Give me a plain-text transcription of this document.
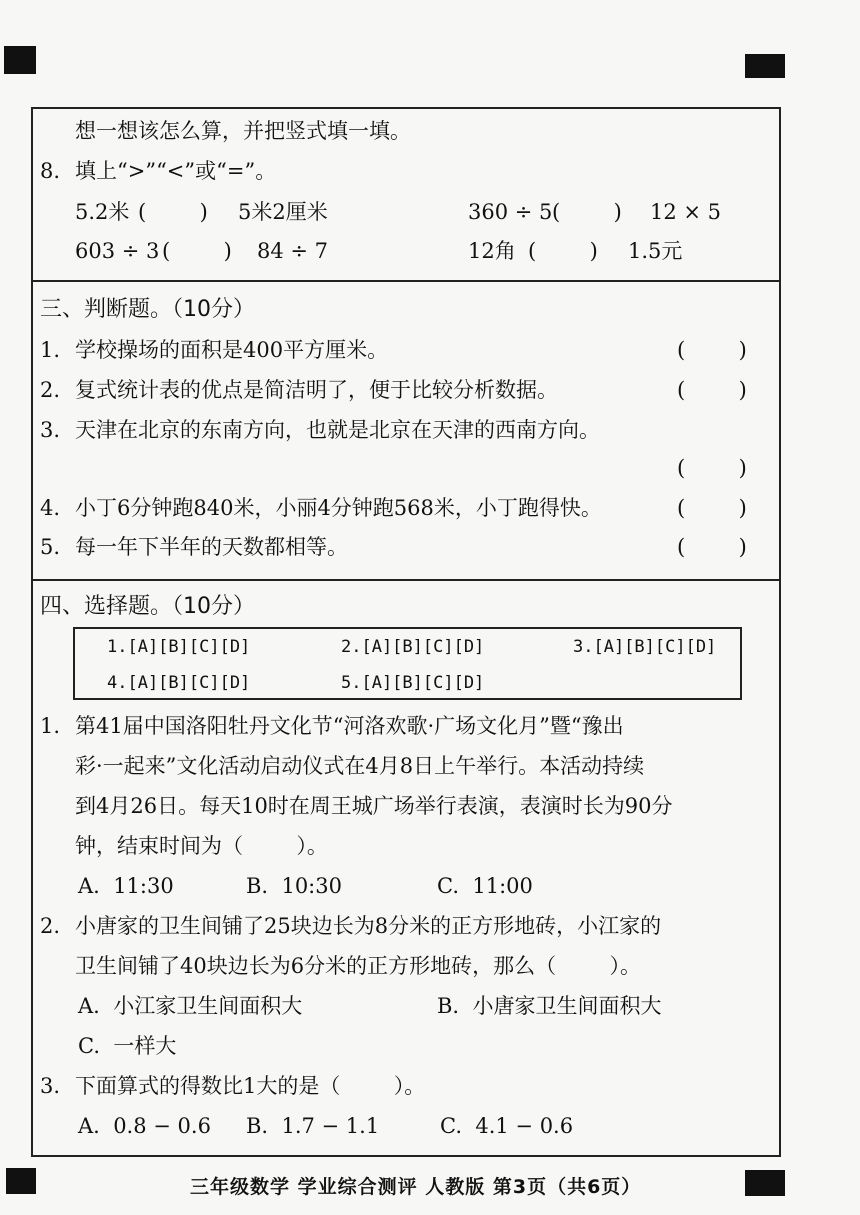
想一想该怎么算，并把竖式填一填。
8. 填上“>”“<”或“=”。
5.2米 (        ) 5米2厘米	360 ÷ 5 (        ) 12 × 5
603 ÷ 3 (        ) 84 ÷ 7	12角 (        ) 1.5元
三、判断题。（10分）
1. 学校操场的面积是400平方厘米。	(        )
2. 复式统计表的优点是简洁明了，便于比较分析数据。	(        )
3. 天津在北京的东南方向，也就是北京在天津的西南方向。
(        )
4. 小丁6分钟跑840米，小丽4分钟跑568米，小丁跑得快。	(        )
5. 每一年下半年的天数都相等。	(        )
四、选择题。（10分）
1.[A][B][C][D]	2.[A][B][C][D]	3.[A][B][C][D]
4.[A][B][C][D]	5.[A][B][C][D]
1. 第41届中国洛阳牡丹文化节“河洛欢歌·广场文化月”暨“豫出
彩·一起来”文化活动启动仪式在4月8日上午举行。本活动持续
到4月26日。每天10时在周王城广场举行表演，表演时长为90分
钟，结束时间为（        ）。
A.  11:30	B.  10:30	C.  11:00
2. 小唐家的卫生间铺了25块边长为8分米的正方形地砖，小江家的
卫生间铺了40块边长为6分米的正方形地砖，那么（        ）。
A.  小江家卫生间面积大	B.  小唐家卫生间面积大
C.  一样大
3. 下面算式的得数比1大的是（        ）。
A.  0.8 − 0.6 B.  1.7 − 1.1	C.  4.1 − 0.6
三年级数学 学业综合测评 人教版 第3页（共6页）
